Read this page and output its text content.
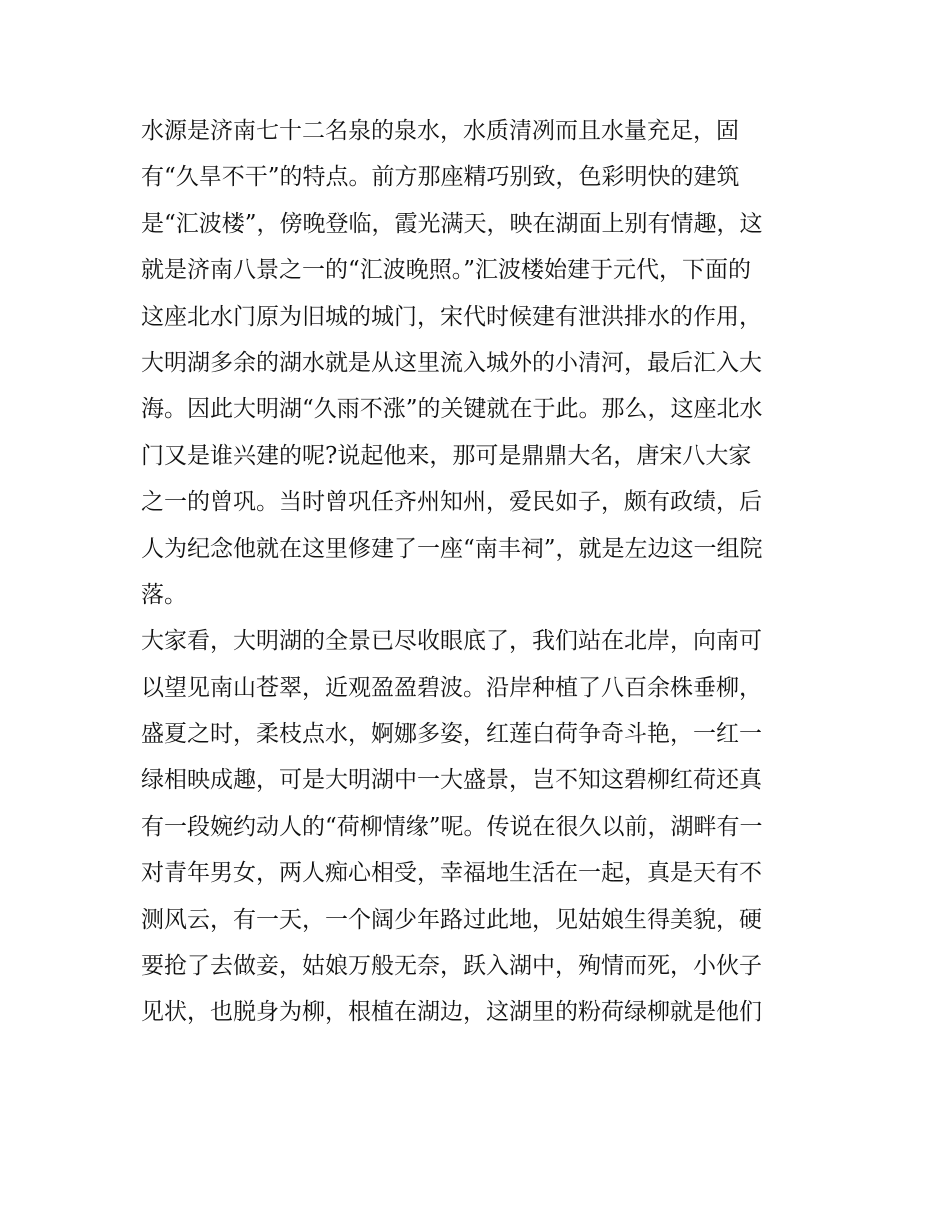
水源是济南七十二名泉的泉水，水质清冽而且水量充足，固
有“久旱不干”的特点。前方那座精巧别致，色彩明快的建筑
是“汇波楼”，傍晚登临，霞光满天，映在湖面上别有情趣，这
就是济南八景之一的“汇波晚照。”汇波楼始建于元代，下面的
这座北水门原为旧城的城门，宋代时候建有泄洪排水的作用，
大明湖多余的湖水就是从这里流入城外的小清河，最后汇入大
海。因此大明湖“久雨不涨”的关键就在于此。那么，这座北水
门又是谁兴建的呢?说起他来，那可是鼎鼎大名，唐宋八大家
之一的曾巩。当时曾巩任齐州知州，爱民如子，颇有政绩，后
人为纪念他就在这里修建了一座“南丰祠”，就是左边这一组院
落。
大家看，大明湖的全景已尽收眼底了，我们站在北岸，向南可
以望见南山苍翠，近观盈盈碧波。沿岸种植了八百余株垂柳，
盛夏之时，柔枝点水，婀娜多姿，红莲白荷争奇斗艳，一红一
绿相映成趣，可是大明湖中一大盛景，岂不知这碧柳红荷还真
有一段婉约动人的“荷柳情缘”呢。传说在很久以前，湖畔有一
对青年男女，两人痴心相受，幸福地生活在一起，真是天有不
测风云，有一天，一个阔少年路过此地，见姑娘生得美貌，硬
要抢了去做妾，姑娘万般无奈，跃入湖中，殉情而死，小伙子
见状，也脱身为柳，根植在湖边，这湖里的粉荷绿柳就是他们
